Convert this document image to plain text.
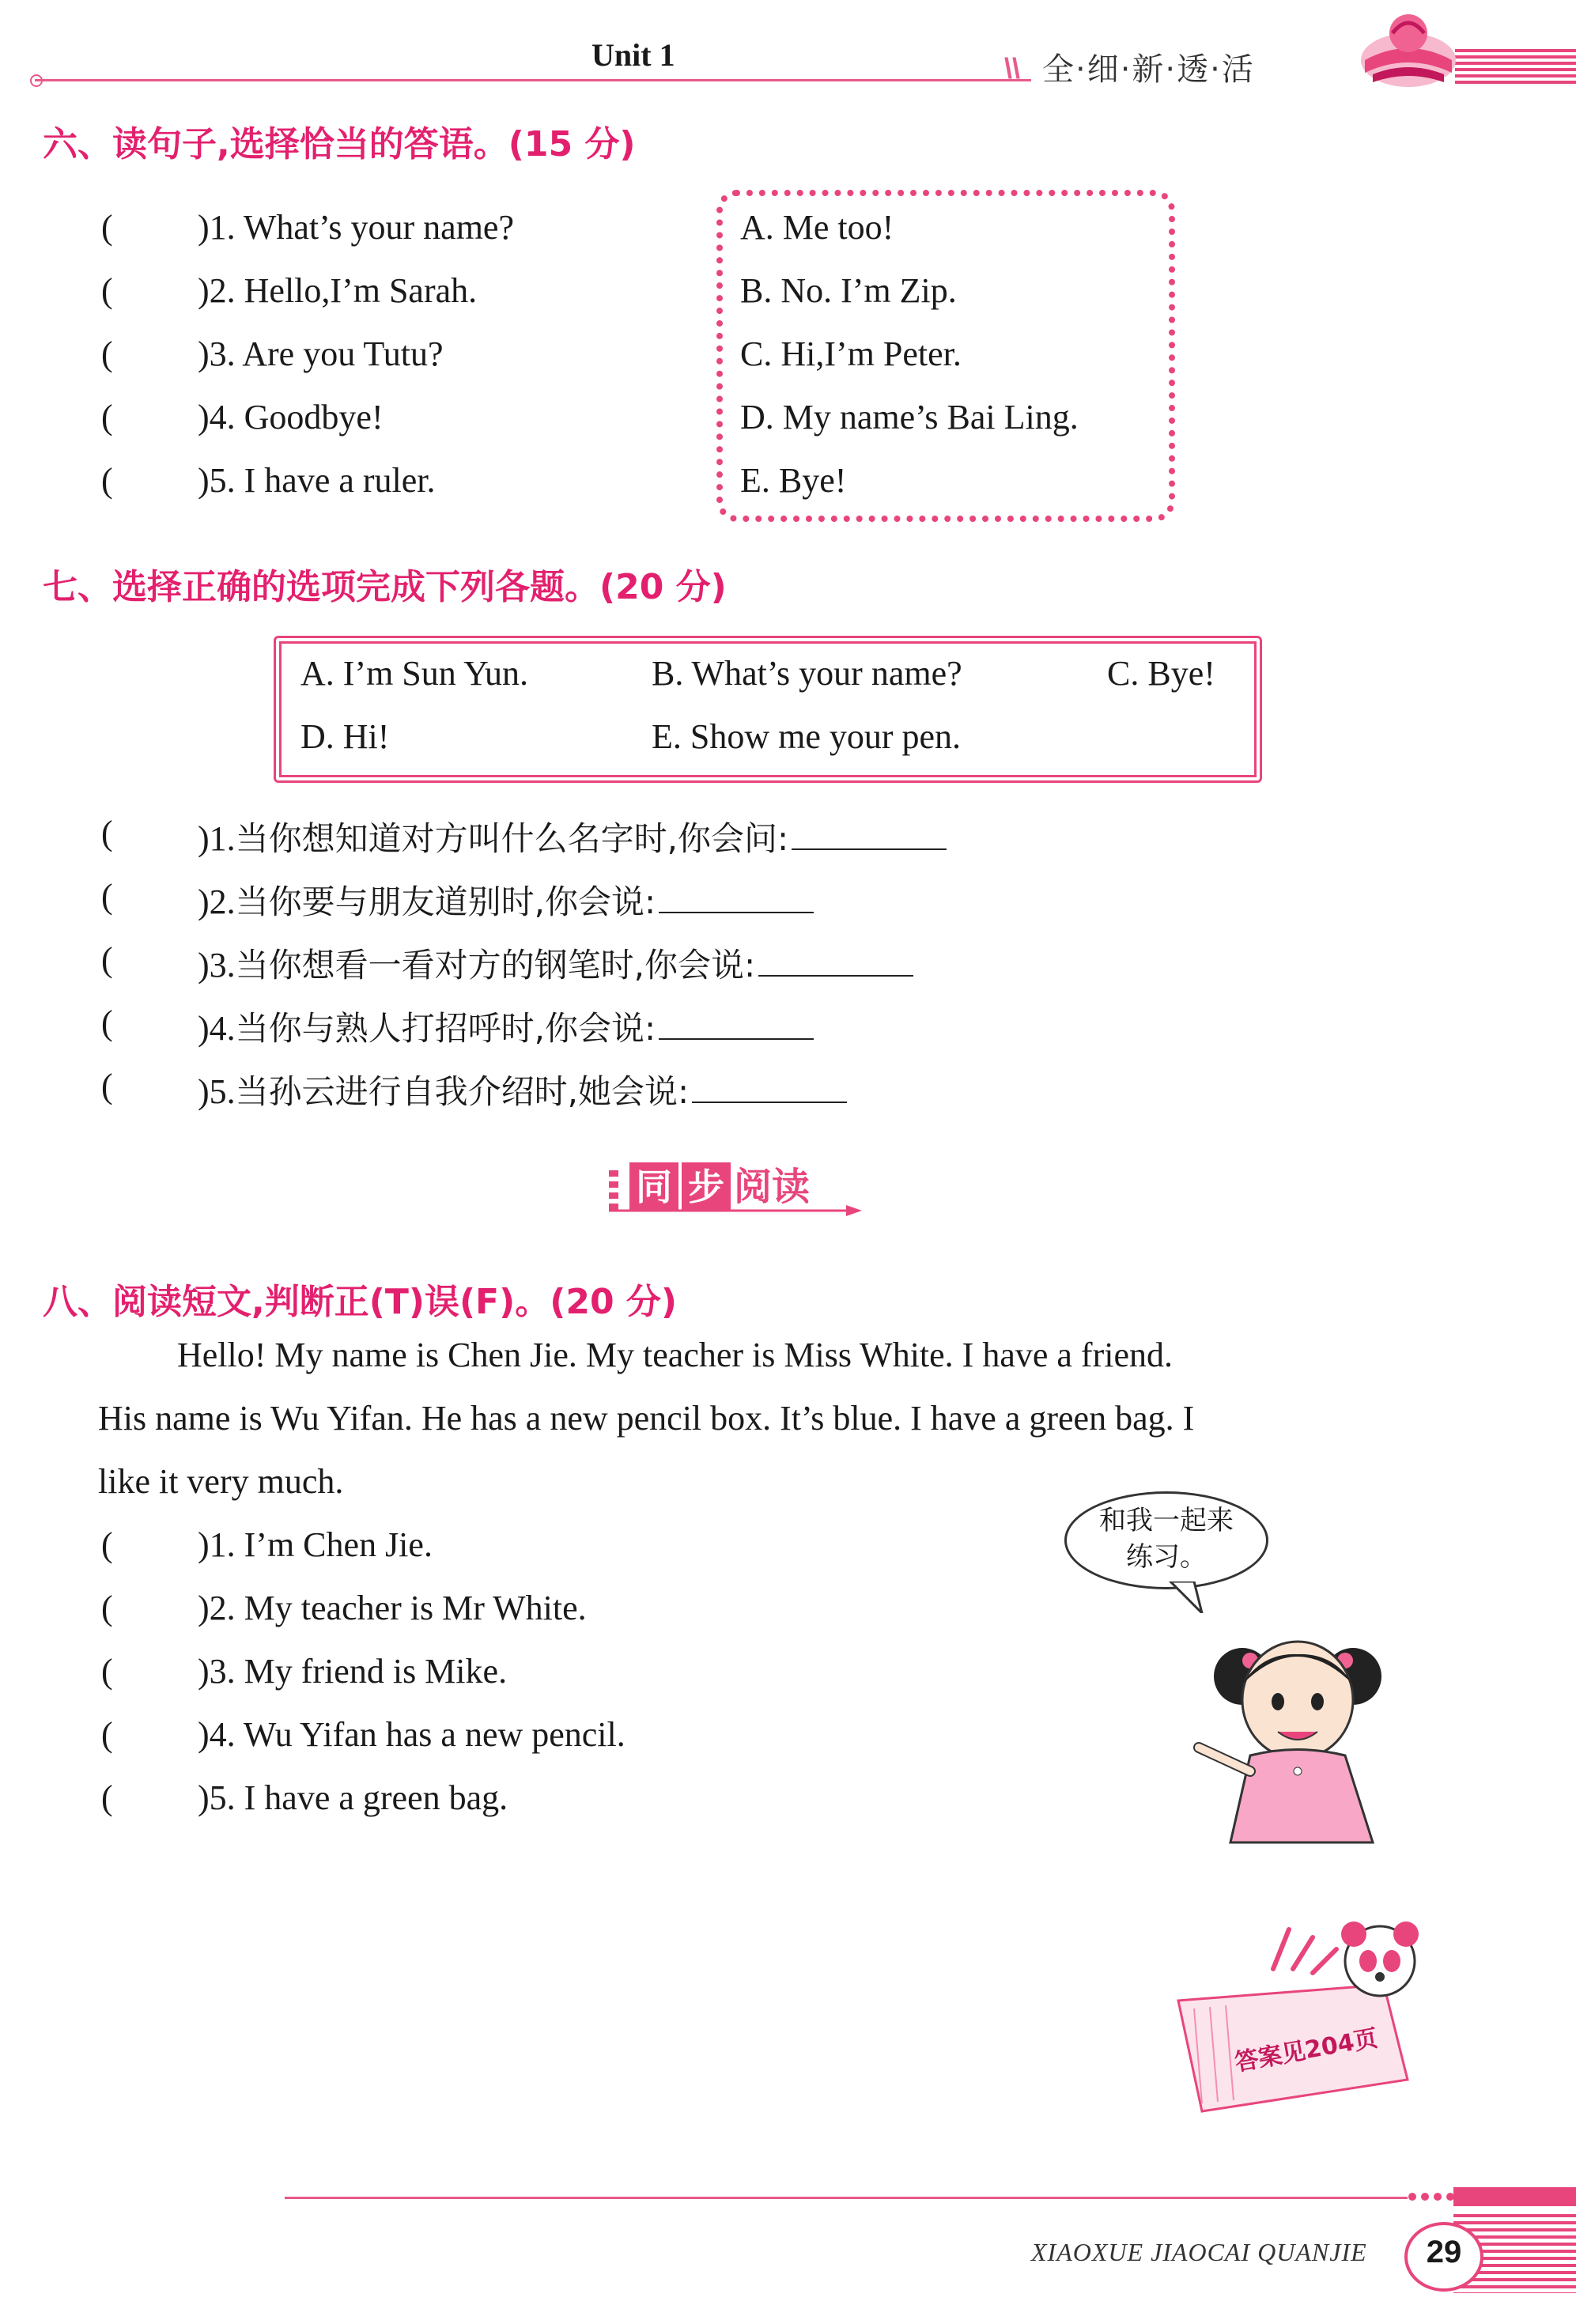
Unit 1	\\ 全·细·新·透·活
六、读句子,选择恰当的答语。(15 分)
( )1. What’s your name?
( )2. Hello,I’m Sarah.
( )3. Are you Tutu?
( )4. Goodbye!
( )5. I have a ruler.
A. Me too!
B. No. I’m Zip.
C. Hi,I’m Peter.
D. My name’s Bai Ling.
E. Bye!
七、选择正确的选项完成下列各题。(20 分)
A. I’m Sun Yun.	B. What’s your name?	C. Bye!
D. Hi!	E. Show me your pen.
( )1.当你想知道对方叫什么名字时,你会问:
( )2.当你要与朋友道别时,你会说:
( )3.当你想看一看对方的钢笔时,你会说:
( )4.当你与熟人打招呼时,你会说:
( )5.当孙云进行自我介绍时,她会说:
同 步 阅读
八、阅读短文,判断正(T)误(F)。(20 分)
Hello! My name is Chen Jie. My teacher is Miss White. I have a friend.
His name is Wu Yifan. He has a new pencil box. It’s blue. I have a green bag. I
like it very much.
( )1. I’m Chen Jie.
( )2. My teacher is Mr White.
( )3. My friend is Mike.
( )4. Wu Yifan has a new pencil.
( )5. I have a green bag.
和我一起来
练习。
答案见204页
XIAOXUE JIAOCAI QUANJIE	29
